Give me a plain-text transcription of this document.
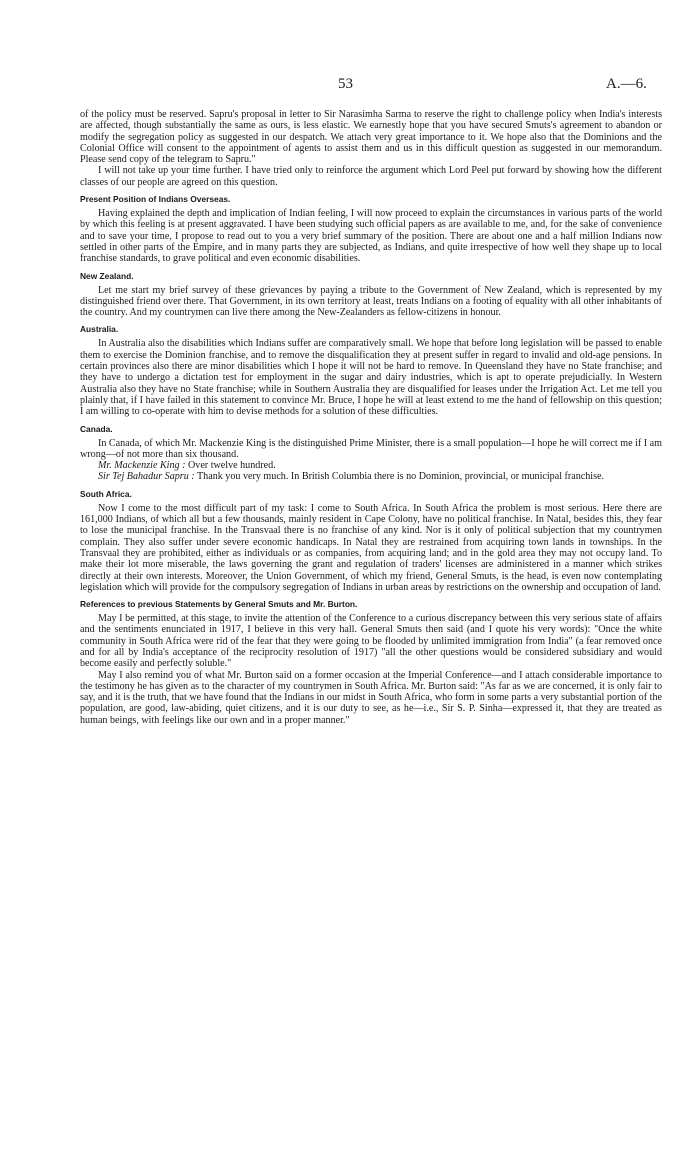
53	A.—6.

of the policy must be reserved. Sapru's proposal in letter to Sir Narasimha Sarma to reserve the right to challenge policy when India's interests are affected, though substantially the same as ours, is less elastic. We earnestly hope that you have secured Smuts's agreement to abandon or modify the segregation policy as suggested in our despatch. We attach very great importance to it. We hope also that the Dominions and the Colonial Office will consent to the appointment of agents to assist them and us in this difficult question as suggested in our memorandum. Please send copy of the telegram to Sapru."

I will not take up your time further. I have tried only to reinforce the argument which Lord Peel put forward by showing how the different classes of our people are agreed on this question.

Present Position of Indians Overseas.

Having explained the depth and implication of Indian feeling, I will now proceed to explain the circumstances in various parts of the world by which this feeling is at present aggravated. I have been studying such official papers as are available to me, and, for the sake of convenience and to save your time, I propose to read out to you a very brief summary of the position. There are about one and a half million Indians now settled in other parts of the Empire, and in many parts they are subjected, as Indians, and quite irrespective of how well they shape up to local franchise standards, to grave political and even economic disabilities.

New Zealand.

Let me start my brief survey of these grievances by paying a tribute to the Government of New Zealand, which is represented by my distinguished friend over there. That Government, in its own territory at least, treats Indians on a footing of equality with all other inhabitants of the country. And my countrymen can live there among the New-Zealanders as fellow-citizens in honour.

Australia.

In Australia also the disabilities which Indians suffer are comparatively small. We hope that before long legislation will be passed to enable them to exercise the Dominion franchise, and to remove the disqualification they at present suffer in regard to invalid and old-age pensions. In certain provinces also there are minor disabilities which I hope it will not be hard to remove. In Queensland they have no State franchise; and they have to undergo a dictation test for employment in the sugar and dairy industries, which is apt to operate prejudicially. In Western Australia also they have no State franchise; while in Southern Australia they are disqualified for leases under the Irrigation Act. Let me tell you plainly that, if I have failed in this statement to convince Mr. Bruce, I hope he will at least extend to me the hand of fellowship on this question; I am willing to co-operate with him to devise methods for a solution of these difficulties.

Canada.

In Canada, of which Mr. Mackenzie King is the distinguished Prime Minister, there is a small population—I hope he will correct me if I am wrong—of not more than six thousand.

Mr. Mackenzie King : Over twelve hundred.

Sir Tej Bahadur Sapru : Thank you very much. In British Columbia there is no Dominion, provincial, or municipal franchise.

South Africa.

Now I come to the most difficult part of my task: I come to South Africa. In South Africa the problem is most serious. Here there are 161,000 Indians, of which all but a few thousands, mainly resident in Cape Colony, have no political franchise. In Natal, besides this, they fear to lose the municipal franchise. In the Transvaal there is no franchise of any kind. Nor is it only of political subjection that my countrymen complain. They also suffer under severe economic handicaps. In Natal they are restrained from acquiring town lands in townships. In the Transvaal they are prohibited, either as individuals or as companies, from acquiring land; and in the gold area they may not occupy land. To make their lot more miserable, the laws governing the grant and regulation of traders' licenses are administered in a manner which strikes directly at their own interests. Moreover, the Union Government, of which my friend, General Smuts, is the head, is even now contemplating legislation which will provide for the compulsory segregation of Indians in urban areas by restrictions on the ownership and occupation of land.

References to previous Statements by General Smuts and Mr. Burton.

May I be permitted, at this stage, to invite the attention of the Conference to a curious discrepancy between this very serious state of affairs and the sentiments enunciated in 1917, I believe in this very hall. General Smuts then said (and I quote his very words): "Once the white community in South Africa were rid of the fear that they were going to be flooded by unlimited immigration from India" (a fear removed once and for all by India's acceptance of the reciprocity resolution of 1917) "all the other questions would be considered subsidiary and would become easily and perfectly soluble."

May I also remind you of what Mr. Burton said on a former occasion at the Imperial Conference—and I attach considerable importance to the testimony he has given as to the character of my countrymen in South Africa. Mr. Burton said: "As far as we are concerned, it is only fair to say, and it is the truth, that we have found that the Indians in our midst in South Africa, who form in some parts a very substantial portion of the population, are good, law-abiding, quiet citizens, and it is our duty to see, as he—i.e., Sir S. P. Sinha—expressed it, that they are treated as human beings, with feelings like our own and in a proper manner."
